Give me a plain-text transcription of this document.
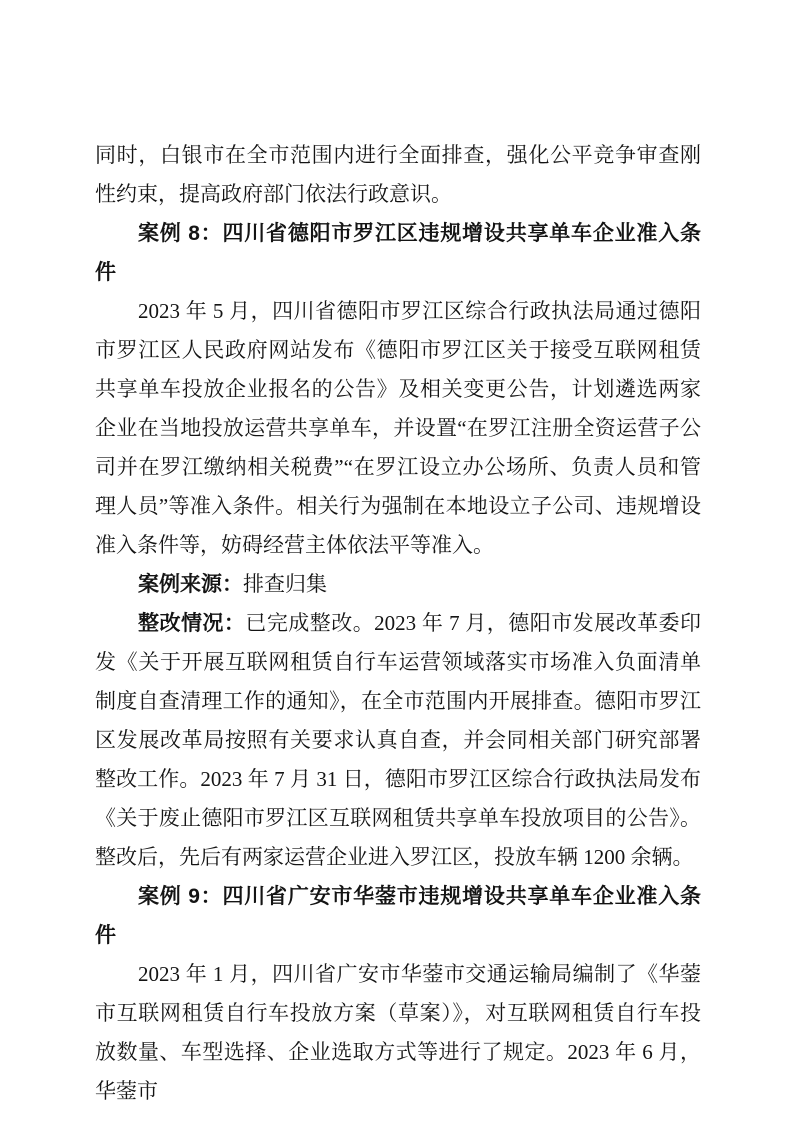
同时，白银市在全市范围内进行全面排查，强化公平竞争审查刚性约束，提高政府部门依法行政意识。

案例 8：四川省德阳市罗江区违规增设共享单车企业准入条件

2023 年 5 月，四川省德阳市罗江区综合行政执法局通过德阳市罗江区人民政府网站发布《德阳市罗江区关于接受互联网租赁共享单车投放企业报名的公告》及相关变更公告，计划遴选两家企业在当地投放运营共享单车，并设置“在罗江注册全资运营子公司并在罗江缴纳相关税费”“在罗江设立办公场所、负责人员和管理人员”等准入条件。相关行为强制在本地设立子公司、违规增设准入条件等，妨碍经营主体依法平等准入。

案例来源：排查归集

整改情况：已完成整改。2023 年 7 月，德阳市发展改革委印发《关于开展互联网租赁自行车运营领域落实市场准入负面清单制度自查清理工作的通知》，在全市范围内开展排查。德阳市罗江区发展改革局按照有关要求认真自查，并会同相关部门研究部署整改工作。2023 年 7 月 31 日，德阳市罗江区综合行政执法局发布《关于废止德阳市罗江区互联网租赁共享单车投放项目的公告》。整改后，先后有两家运营企业进入罗江区，投放车辆 1200 余辆。

案例 9：四川省广安市华蓥市违规增设共享单车企业准入条件

2023 年 1 月，四川省广安市华蓥市交通运输局编制了《华蓥市互联网租赁自行车投放方案（草案）》，对互联网租赁自行车投放数量、车型选择、企业选取方式等进行了规定。2023 年 6 月，华蓥市
